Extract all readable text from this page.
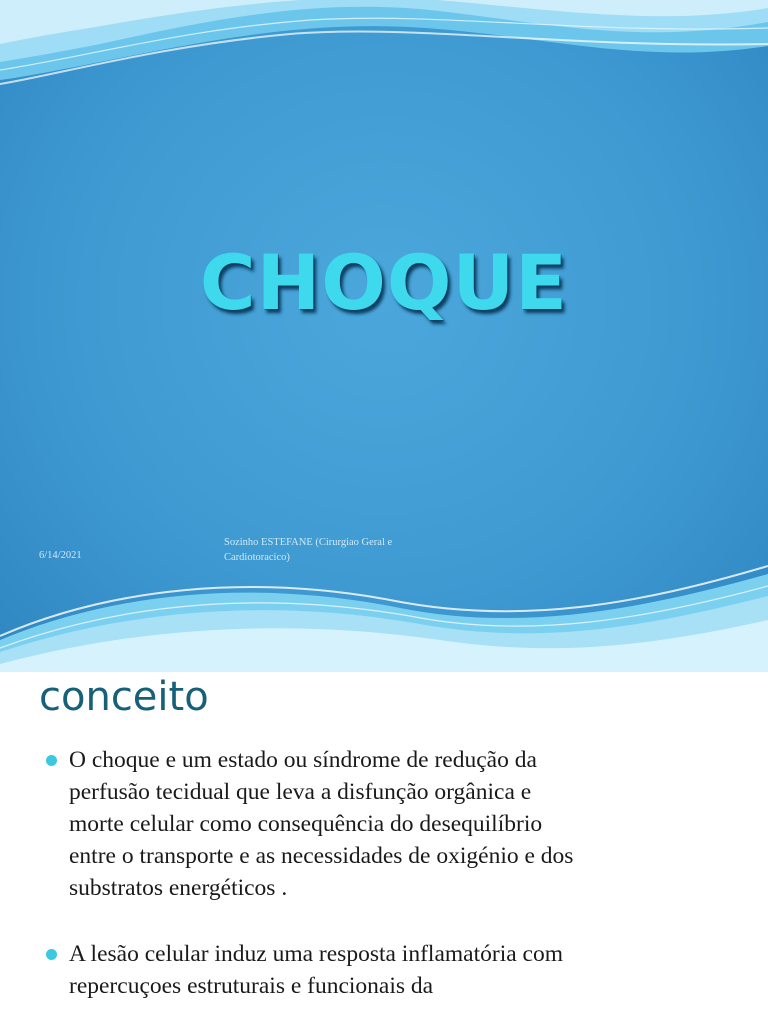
CHOQUE
6/14/2021
Sozinho ESTEFANE (Cirurgiao Geral e
Cardiotoracico)
conceito
O choque e um estado ou síndrome de redução da
perfusão tecidual que leva a disfunção orgânica e
morte celular como consequência do desequilíbrio
entre o transporte e as necessidades de oxigénio e dos
substratos energéticos .
A lesão celular induz uma resposta inflamatória com
repercuçoes estruturais e funcionais da
